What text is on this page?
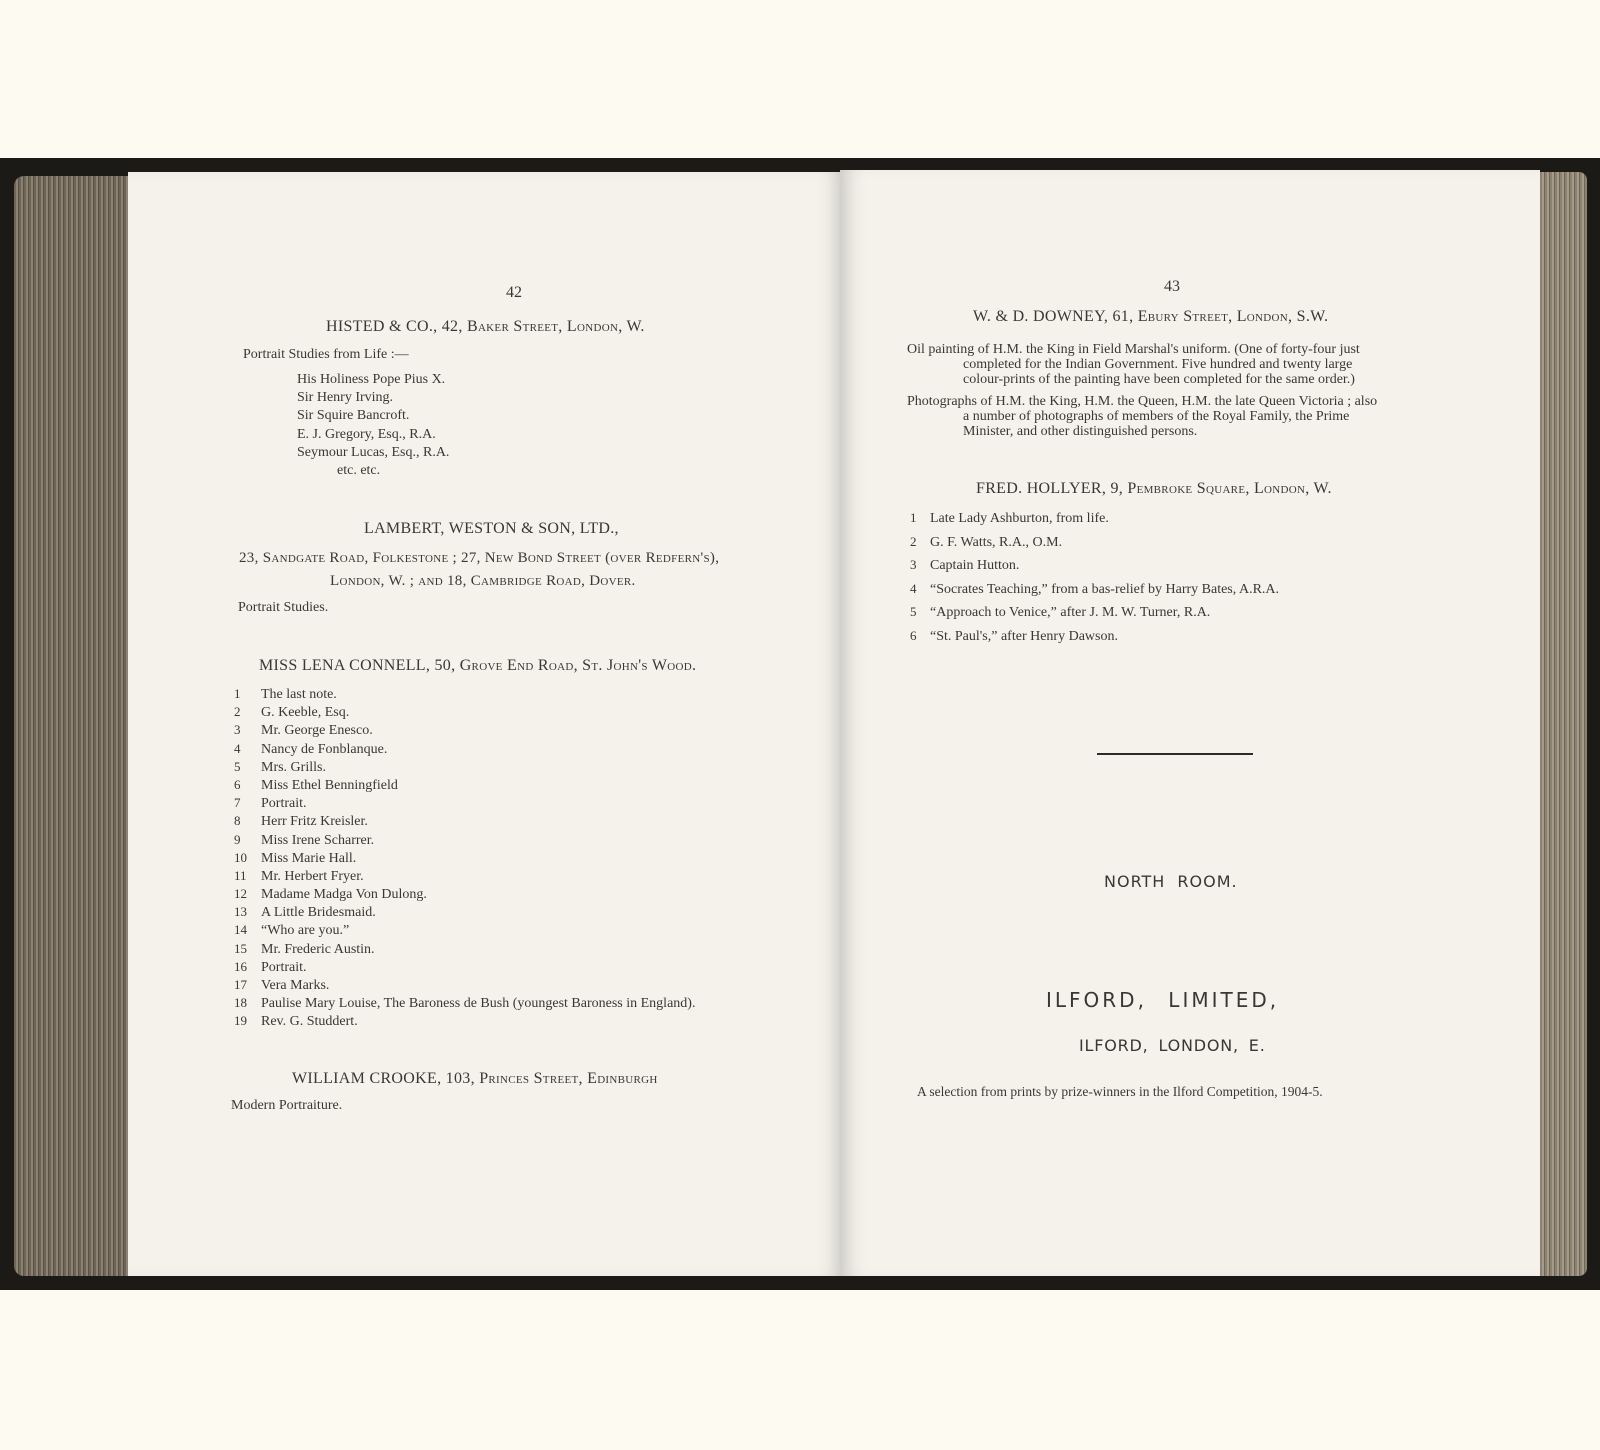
42
HISTED & CO., 42, Baker Street, London, W.
Portrait Studies from Life :—
His Holiness Pope Pius X.
Sir Henry Irving.
Sir Squire Bancroft.
E. J. Gregory, Esq., R.A.
Seymour Lucas, Esq., R.A.
etc. etc.
LAMBERT, WESTON & SON, LTD.,
23, Sandgate Road, Folkestone ; 27, New Bond Street (over Redfern's),
London, W. ; and 18, Cambridge Road, Dover.
Portrait Studies.
MISS LENA CONNELL, 50, Grove End Road, St. John's Wood.
1 The last note.
2 G. Keeble, Esq.
3 Mr. George Enesco.
4 Nancy de Fonblanque.
5 Mrs. Grills.
6 Miss Ethel Benningfield
7 Portrait.
8 Herr Fritz Kreisler.
9 Miss Irene Scharrer.
10 Miss Marie Hall.
11 Mr. Herbert Fryer.
12 Madame Madga Von Dulong.
13 A Little Bridesmaid.
14 “Who are you.”
15 Mr. Frederic Austin.
16 Portrait.
17 Vera Marks.
18 Paulise Mary Louise, The Baroness de Bush (youngest Baroness in England).
19 Rev. G. Studdert.
WILLIAM CROOKE, 103, Princes Street, Edinburgh
Modern Portraiture.
43
W. & D. DOWNEY, 61, Ebury Street, London, S.W.
Oil painting of H.M. the King in Field Marshal's uniform. (One of forty-four just
completed for the Indian Government. Five hundred and twenty large
colour-prints of the painting have been completed for the same order.)
Photographs of H.M. the King, H.M. the Queen, H.M. the late Queen Victoria ; also
a number of photographs of members of the Royal Family, the Prime
Minister, and other distinguished persons.
FRED. HOLLYER, 9, Pembroke Square, London, W.
1 Late Lady Ashburton, from life.
2 G. F. Watts, R.A., O.M.
3 Captain Hutton.
4 “Socrates Teaching,” from a bas-relief by Harry Bates, A.R.A.
5 “Approach to Venice,” after J. M. W. Turner, R.A.
6 “St. Paul's,” after Henry Dawson.
NORTH ROOM.
ILFORD, LIMITED,
ILFORD, LONDON, E.
A selection from prints by prize-winners in the Ilford Competition, 1904-5.
